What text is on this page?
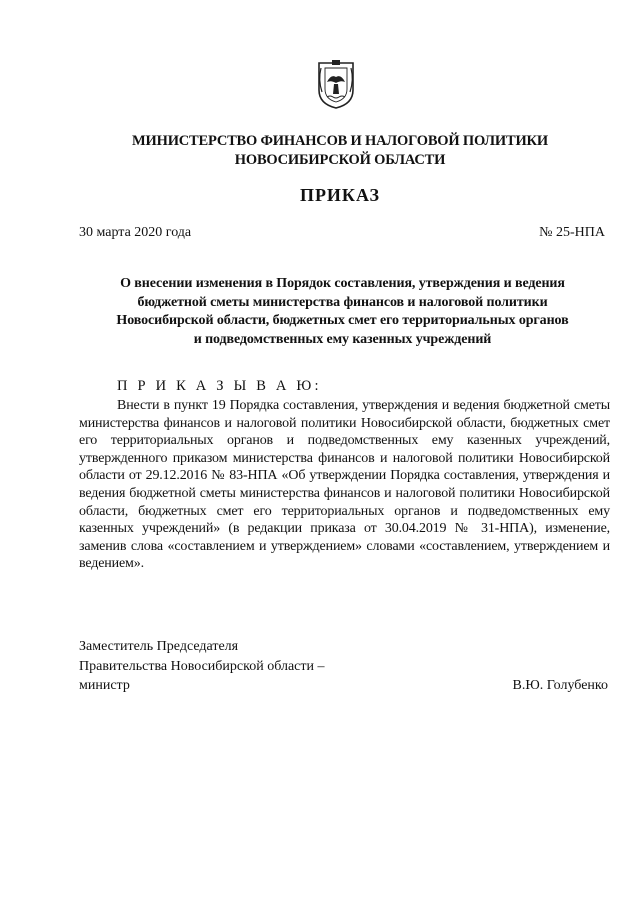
МИНИСТЕРСТВО ФИНАНСОВ И НАЛОГОВОЙ ПОЛИТИКИ
НОВОСИБИРСКОЙ ОБЛАСТИ
ПРИКАЗ
30 марта 2020 года	№ 25-НПА
О внесении изменения в Порядок составления, утверждения и ведения
бюджетной сметы министерства финансов и налоговой политики
Новосибирской области, бюджетных смет его территориальных органов
и подведомственных ему казенных учреждений
П Р И К А З Ы В А Ю:
Внести в пункт 19 Порядка составления, утверждения и ведения бюджетной сметы министерства финансов и налоговой политики Новосибирской области, бюджетных смет его территориальных органов и подведомственных ему казенных учреждений, утвержденного приказом министерства финансов и налоговой политики Новосибирской области от 29.12.2016 № 83-НПА «Об утверждении Порядка составления, утверждения и ведения бюджетной сметы министерства финансов и налоговой политики Новосибирской области, бюджетных смет его территориальных органов и подведомственных ему казенных учреждений» (в редакции приказа от 30.04.2019 № 31-НПА), изменение, заменив слова «составлением и утверждением» словами «составлением, утверждением и ведением».
Заместитель Председателя
Правительства Новосибирской области –
министр	В.Ю. Голубенко
